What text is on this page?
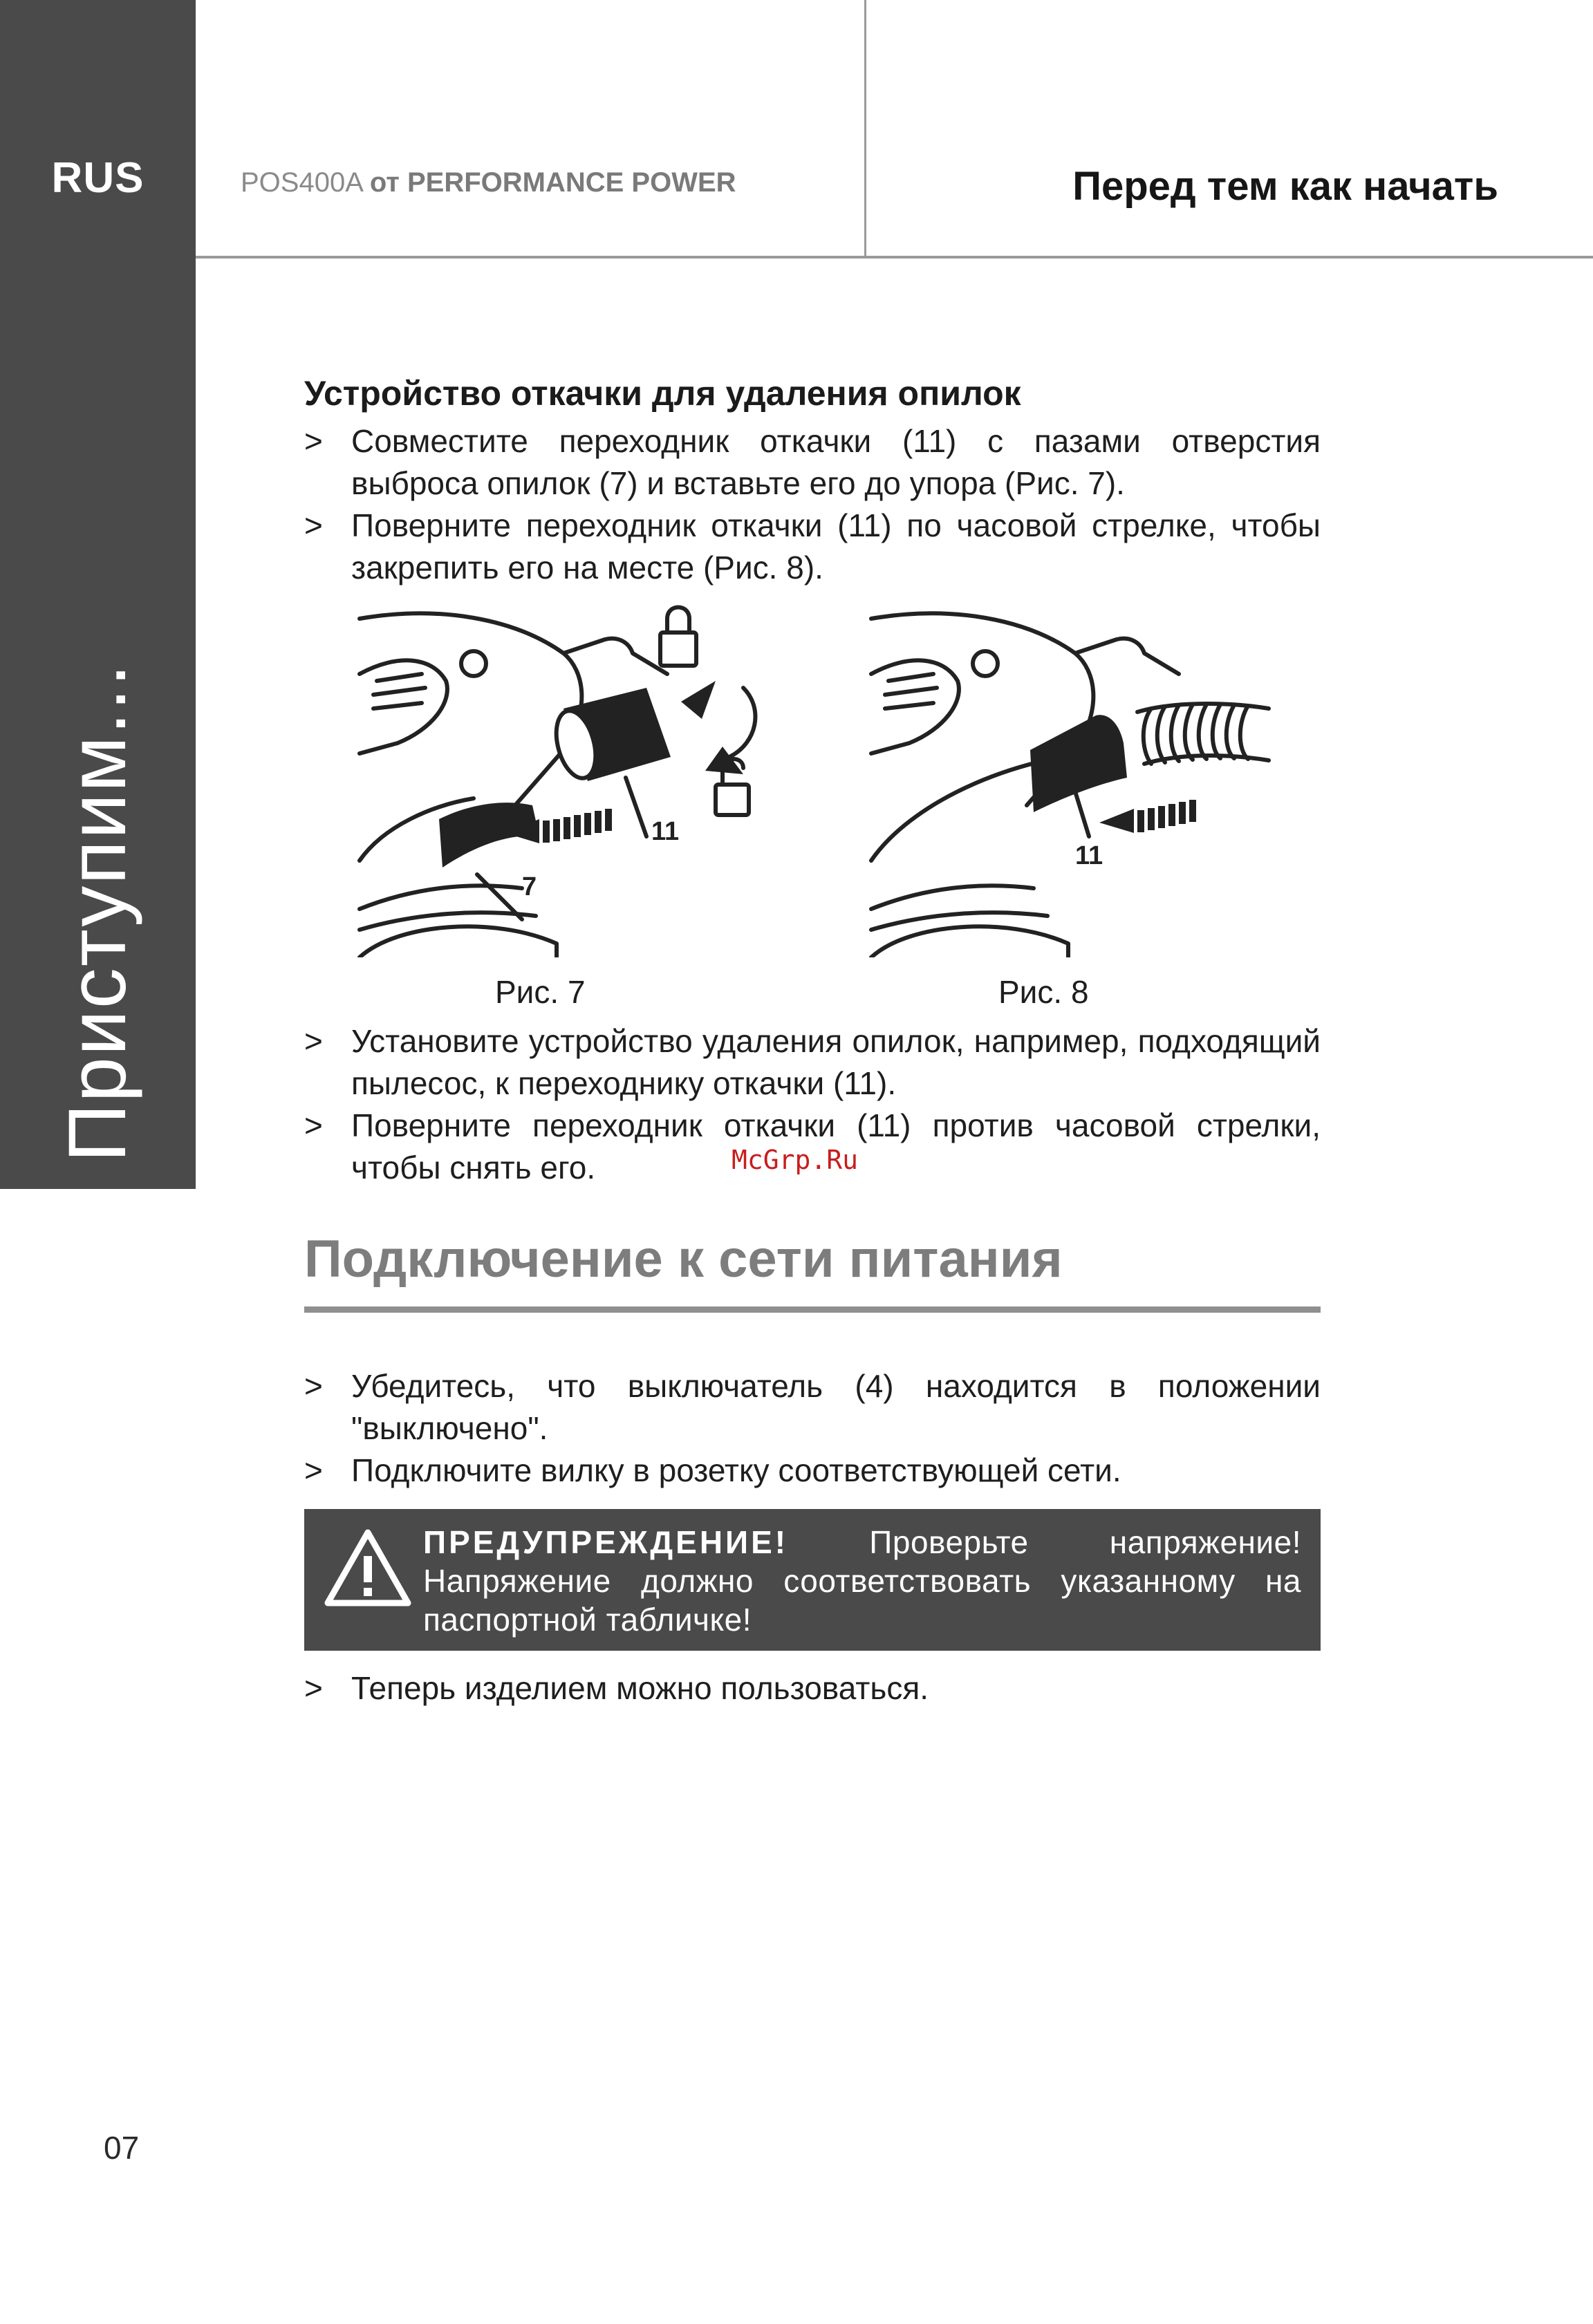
RUS
Приступим...
POS400A от PERFORMANCE POWER	Перед тем как начать
Устройство откачки для удаления опилок
> Совместите переходник откачки (11) с пазами отверстия выброса опилок (7) и вставьте его до упора (Рис. 7).
> Поверните переходник откачки (11) по часовой стрелке, чтобы закрепить его на месте (Рис. 8).
11
7
Рис. 7
11
Рис. 8
> Установите устройство удаления опилок, например, подходящий пылесос, к переходнику откачки (11).
> Поверните переходник откачки (11) против часовой стрелки, чтобы снять его.	McGrp.Ru
Подключение к сети питания
> Убедитесь, что выключатель (4) находится в положении "выключено".
> Подключите вилку в розетку соответствующей сети.
ПРЕДУПРЕЖДЕНИЕ!	Проверьте напряжение! Напряжение должно соответствовать указанному на паспортной табличке!
> Теперь изделием можно пользоваться.
07
